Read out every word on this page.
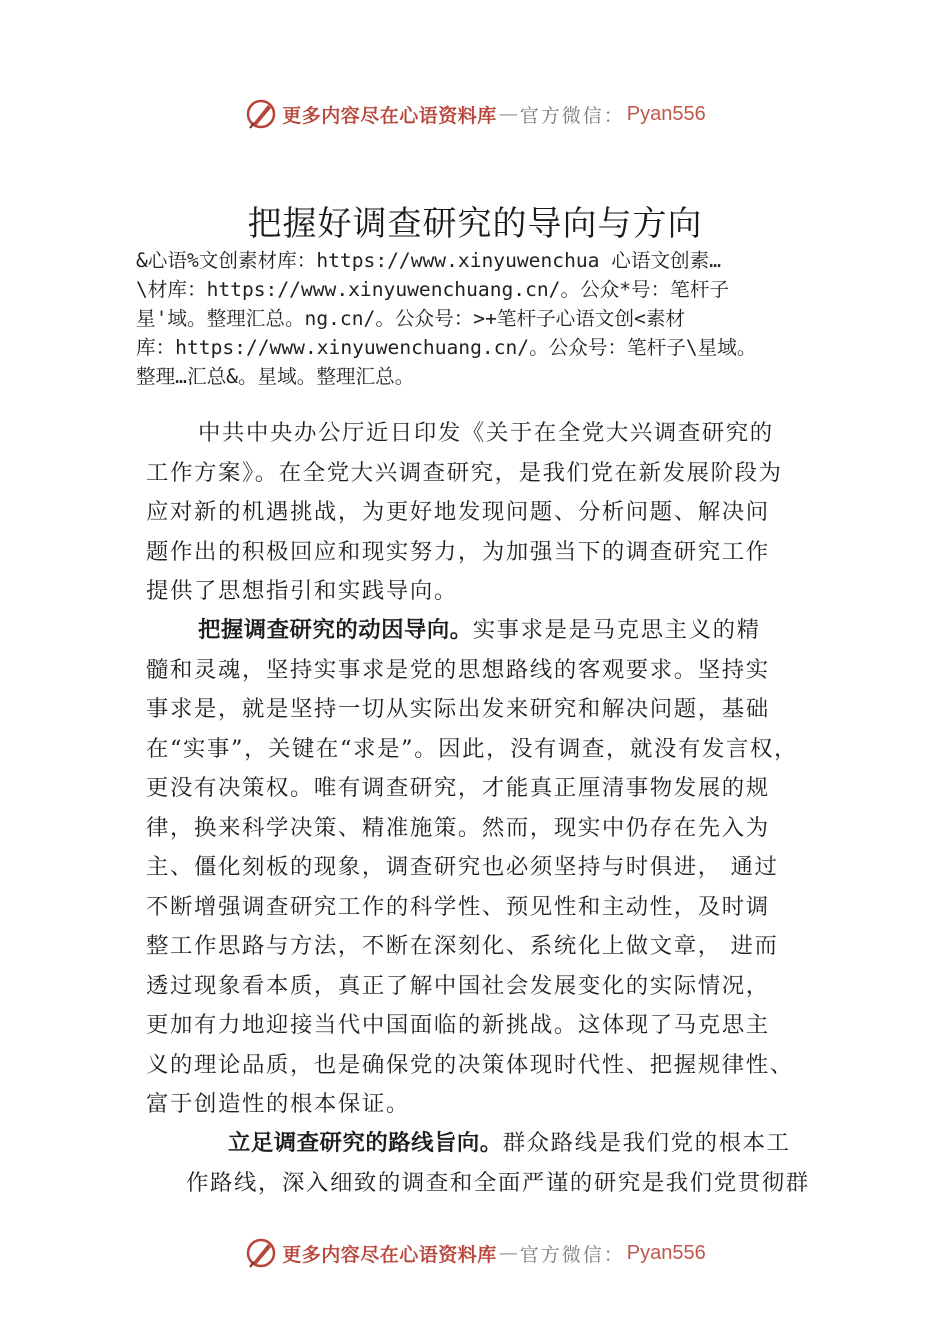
更多内容尽在心语资料库 — 官方微信： Pyan556
把握好调查研究的导向与方向
&心语%文创素材库：https://www.xinyuwenchua 心语文创素…
\材库：https://www.xinyuwenchuang.cn/。公众*号：笔杆子
星'域。整理汇总。ng.cn/。公众号：>+笔杆子心语文创<素材
库：https://www.xinyuwenchuang.cn/。公众号：笔杆子\星域。
整理…汇总&。星域。整理汇总。
中共中央办公厅近日印发《关于在全党大兴调查研究的
工作方案》。在全党大兴调查研究，是我们党在新发展阶段为
应对新的机遇挑战，为更好地发现问题、分析问题、解决问
题作出的积极回应和现实努力，为加强当下的调查研究工作
提供了思想指引和实践导向。
把握调查研究的动因导向。实事求是是马克思主义的精
髓和灵魂，坚持实事求是党的思想路线的客观要求。坚持实
事求是，就是坚持一切从实际出发来研究和解决问题，基础
在“实事”，关键在“求是”。因此，没有调查，就没有发言权，
更没有决策权。唯有调查研究，才能真正厘清事物发展的规
律，换来科学决策、精准施策。然而，现实中仍存在先入为
主、僵化刻板的现象，调查研究也必须坚持与时俱进， 通过
不断增强调查研究工作的科学性、预见性和主动性，及时调
整工作思路与方法，不断在深刻化、系统化上做文章， 进而
透过现象看本质，真正了解中国社会发展变化的实际情况，
更加有力地迎接当代中国面临的新挑战。这体现了马克思主
义的理论品质，也是确保党的决策体现时代性、把握规律性、
富于创造性的根本保证。
立足调查研究的路线旨向。群众路线是我们党的根本工
作路线，深入细致的调查和全面严谨的研究是我们党贯彻群
更多内容尽在心语资料库 — 官方微信： Pyan556
